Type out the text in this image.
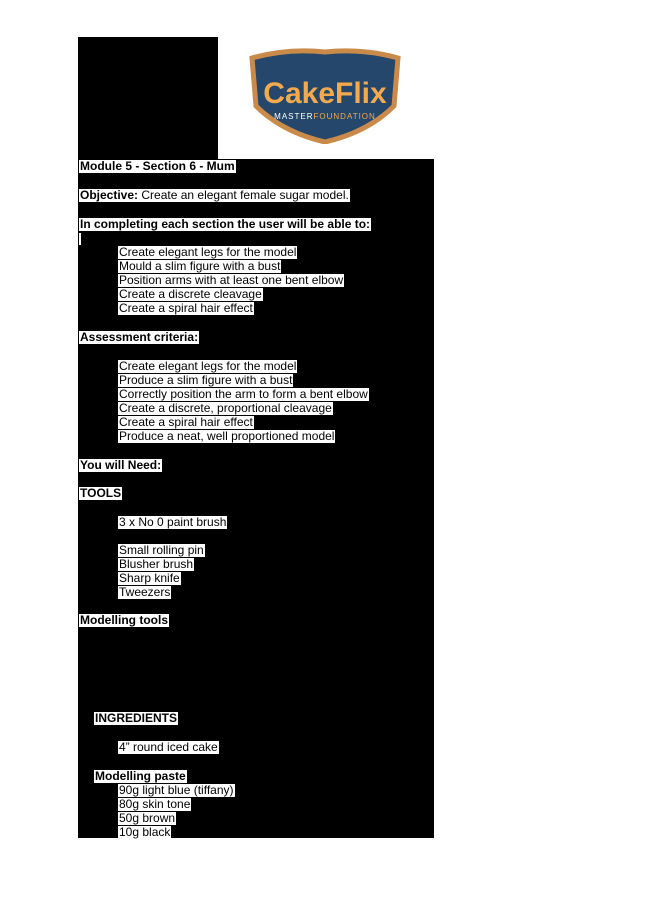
CakeFlix
MASTERFOUNDATION
Module 5 - Section 6 - Mum
Objective: Create an elegant female sugar model.
In completing each section the user will be able to:
Create elegant legs for the model
Mould a slim figure with a bust
Position arms with at least one bent elbow
Create a discrete cleavage
Create a spiral hair effect
Assessment criteria:
Create elegant legs for the model
Produce a slim figure with a bust
Correctly position the arm to form a bent elbow
Create a discrete, proportional cleavage
Create a spiral hair effect
Produce a neat, well proportioned model
You will Need:
TOOLS
3 x No 0 paint brush
Small rolling pin
Blusher brush
Sharp knife
Tweezers
Modelling tools
INGREDIENTS
4” round iced cake
Modelling paste
90g light blue (tiffany)
80g skin tone
50g brown
10g black
